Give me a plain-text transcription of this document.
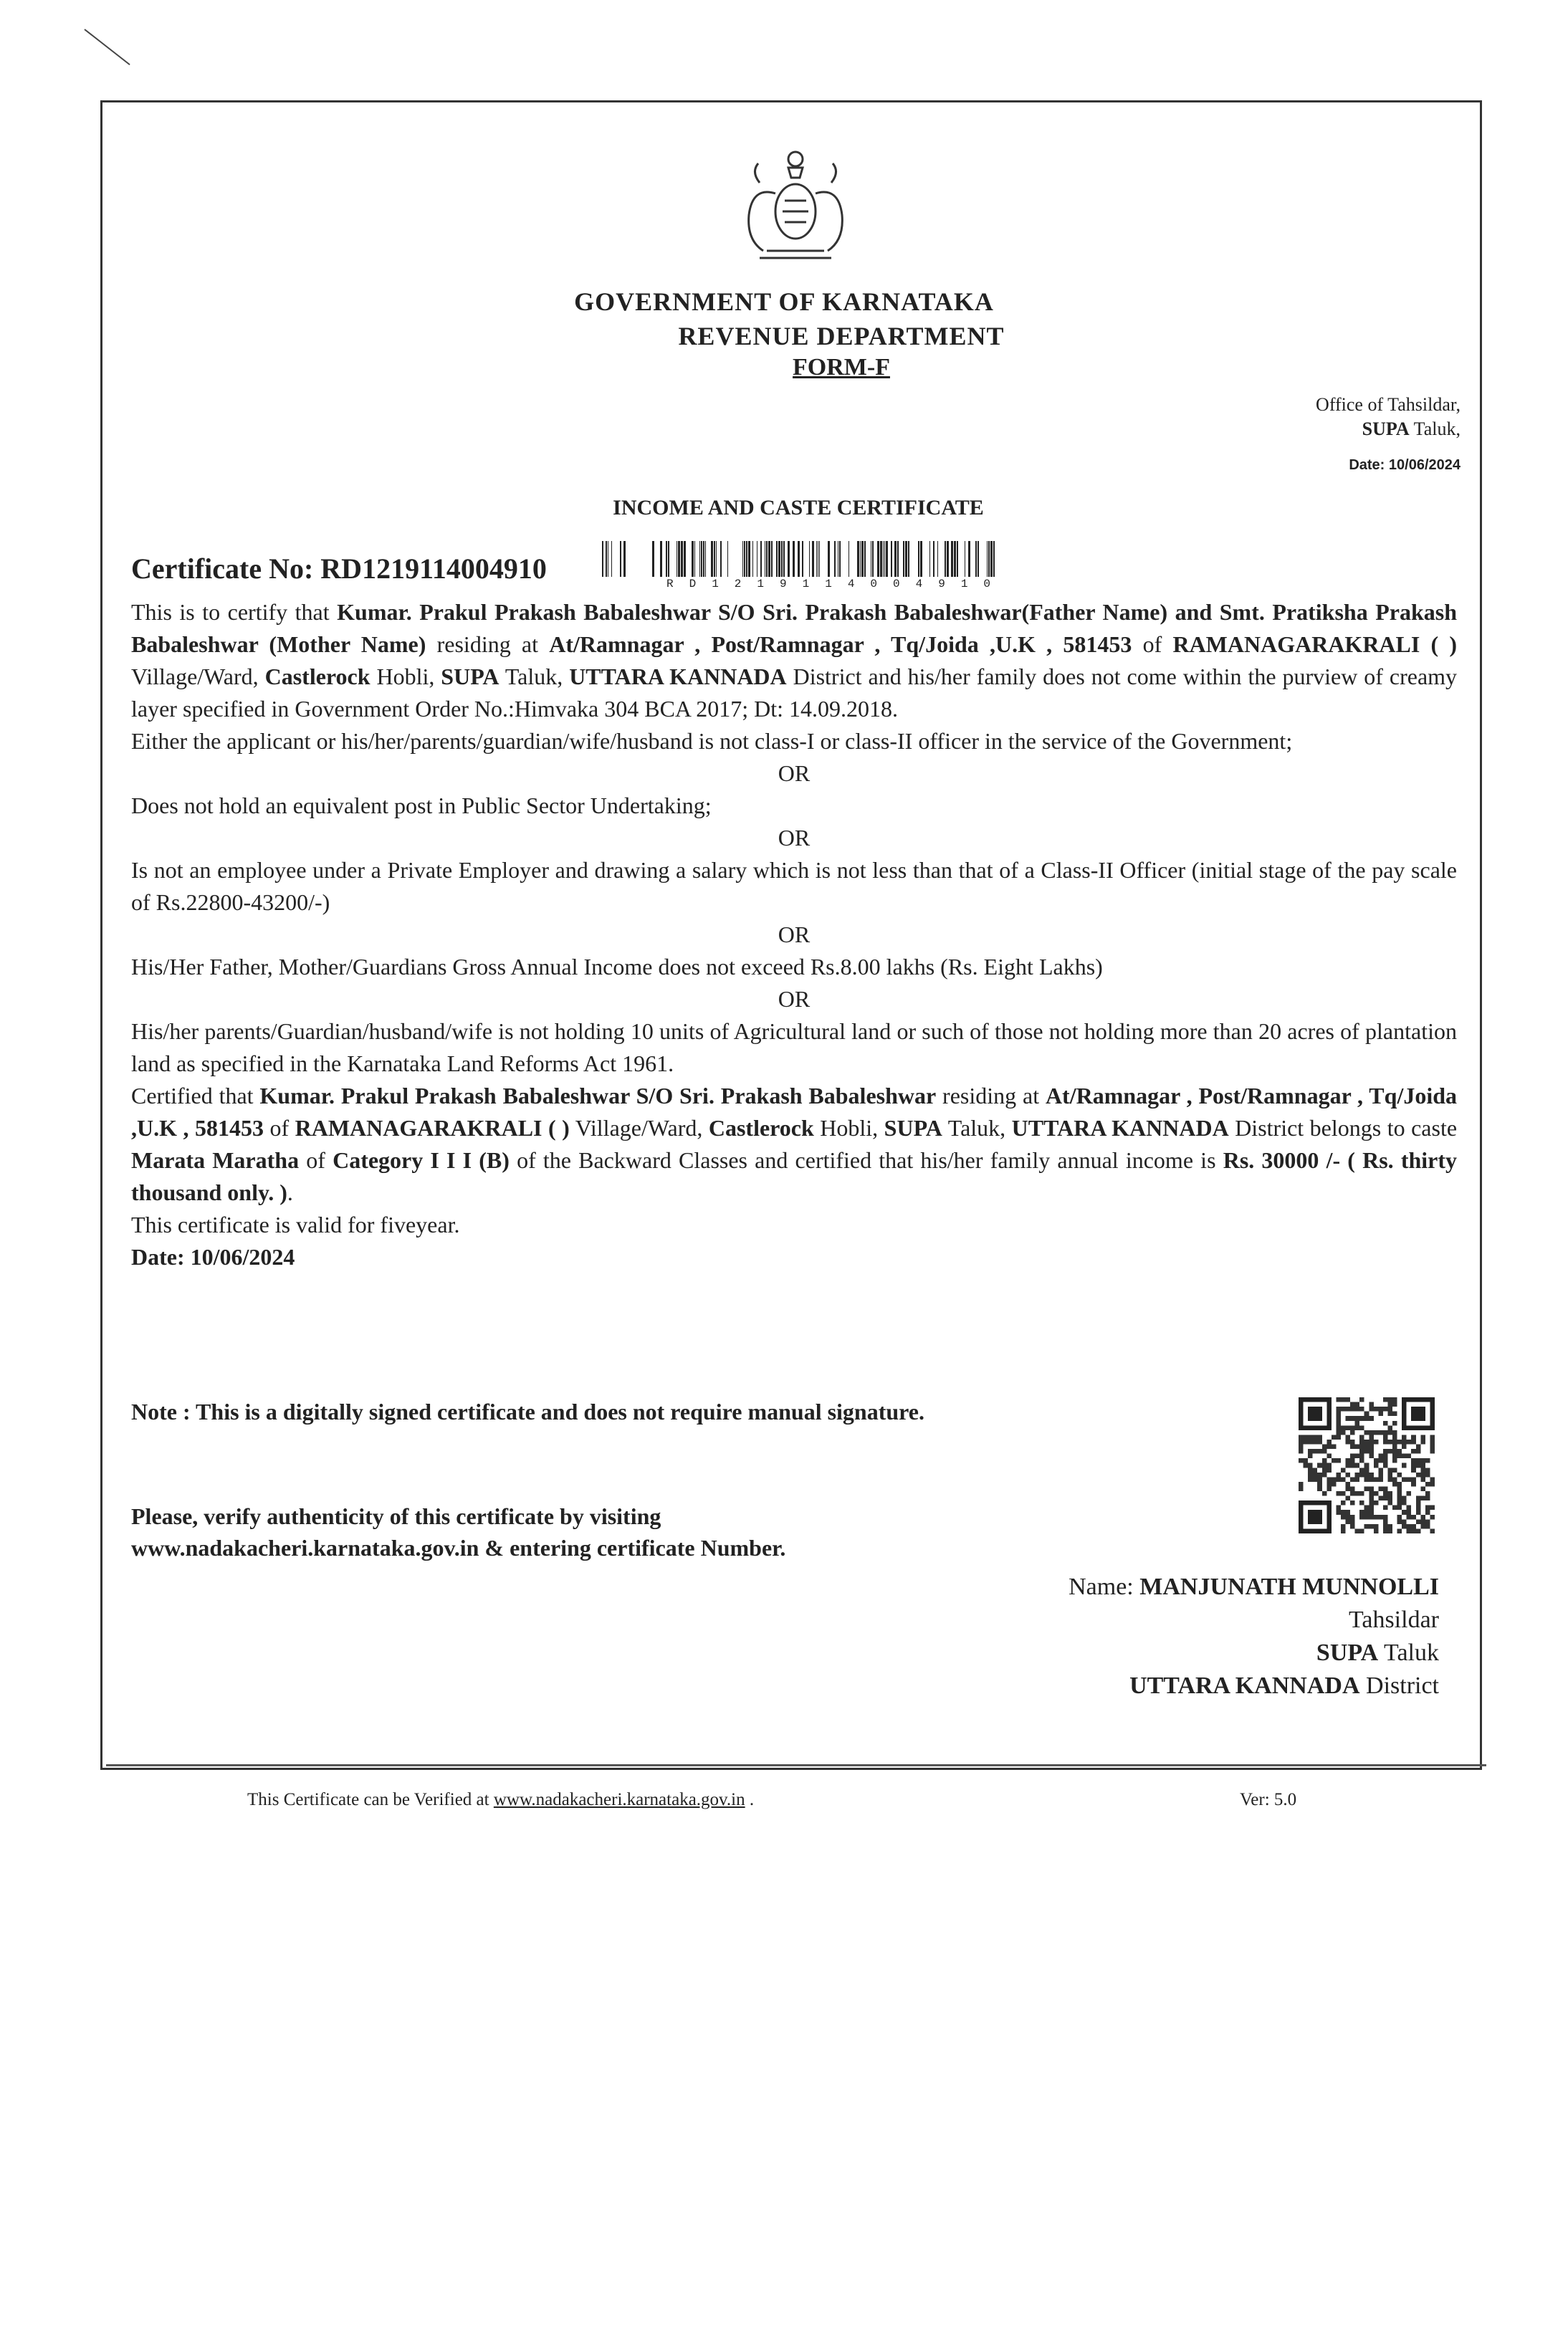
GOVERNMENT OF KARNATAKA
REVENUE DEPARTMENT
FORM-F
Office of Tahsildar,
SUPA Taluk,
Date: 10/06/2024
INCOME AND CASTE CERTIFICATE
Certificate No: RD1219114004910	RD1219114004910

This is to certify that Kumar. Prakul Prakash Babaleshwar S/O Sri. Prakash Babaleshwar(Father Name) and Smt. Pratiksha Prakash Babaleshwar (Mother Name) residing at At/Ramnagar , Post/Ramnagar , Tq/Joida ,U.K , 581453 of RAMANAGARAKRALI ( ) Village/Ward, Castlerock Hobli, SUPA Taluk, UTTARA KANNADA District and his/her family does not come within the purview of creamy layer specified in Government Order No.:Himvaka 304 BCA 2017; Dt: 14.09.2018.

Either the applicant or his/her/parents/guardian/wife/husband is not class-I or class-II officer in the service of the Government;

OR

Does not hold an equivalent post in Public Sector Undertaking;

OR

Is not an employee under a Private Employer and drawing a salary which is not less than that of a Class-II Officer (initial stage of the pay scale of Rs.22800-43200/-)

OR

His/Her Father, Mother/Guardians Gross Annual Income does not exceed Rs.8.00 lakhs (Rs. Eight Lakhs)

OR

His/her parents/Guardian/husband/wife is not holding 10 units of Agricultural land or such of those not holding more than 20 acres of plantation land as specified in the Karnataka Land Reforms Act 1961.

Certified that Kumar. Prakul Prakash Babaleshwar S/O Sri. Prakash Babaleshwar residing at At/Ramnagar , Post/Ramnagar , Tq/Joida ,U.K , 581453 of RAMANAGARAKRALI ( ) Village/Ward, Castlerock Hobli, SUPA Taluk, UTTARA KANNADA District belongs to caste Marata Maratha of Category I I I (B) of the Backward Classes and certified that his/her family annual income is Rs. 30000 /- ( Rs. thirty thousand only. ).

This certificate is valid for fiveyear.

Date: 10/06/2024

Note : This is a digitally signed certificate and does not require manual signature.
Please, verify authenticity of this certificate by visiting
www.nadakacheri.karnataka.gov.in & entering certificate Number.
Name: MANJUNATH MUNNOLLI
Tahsildar
SUPA Taluk
UTTARA KANNADA District
This Certificate can be Verified at www.nadakacheri.karnataka.gov.in .	Ver: 5.0
